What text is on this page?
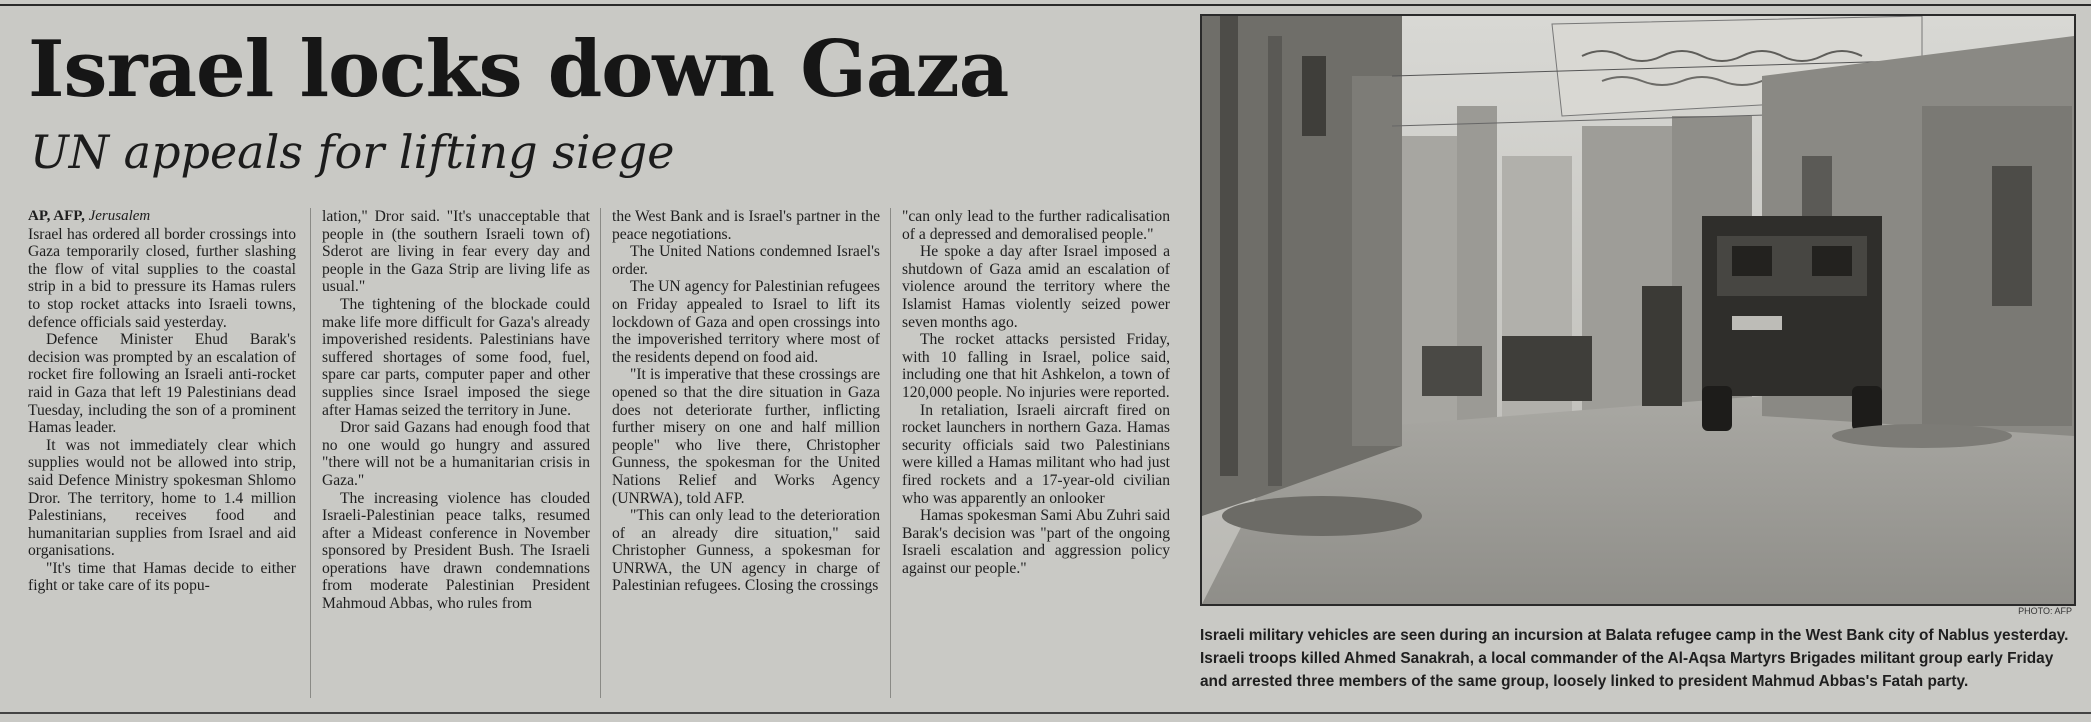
Israel locks down Gaza
UN appeals for lifting siege

AP, AFP, Jerusalem

Israel has ordered all border crossings into Gaza temporarily closed, further slashing the flow of vital supplies to the coastal strip in a bid to pressure its Hamas rulers to stop rocket attacks into Israeli towns, defence officials said yesterday.

Defence Minister Ehud Barak's decision was prompted by an escalation of rocket fire following an Israeli anti-rocket raid in Gaza that left 19 Palestinians dead Tuesday, including the son of a prominent Hamas leader.

It was not immediately clear which supplies would not be allowed into strip, said Defence Ministry spokesman Shlomo Dror. The territory, home to 1.4 million Palestinians, receives food and humanitarian supplies from Israel and aid organisations.

"It's time that Hamas decide to either fight or take care of its popu-

lation," Dror said. "It's unacceptable that people in (the southern Israeli town of) Sderot are living in fear every day and people in the Gaza Strip are living life as usual."

The tightening of the blockade could make life more difficult for Gaza's already impoverished residents. Palestinians have suffered shortages of some food, fuel, spare car parts, computer paper and other supplies since Israel imposed the siege after Hamas seized the territory in June.

Dror said Gazans had enough food that no one would go hungry and assured "there will not be a humanitarian crisis in Gaza."

The increasing violence has clouded Israeli-Palestinian peace talks, resumed after a Mideast conference in November sponsored by President Bush. The Israeli operations have drawn condemnations from moderate Palestinian President Mahmoud Abbas, who rules from

the West Bank and is Israel's partner in the peace negotiations.

The United Nations condemned Israel's order.

The UN agency for Palestinian refugees on Friday appealed to Israel to lift its lockdown of Gaza and open crossings into the impoverished territory where most of the residents depend on food aid.

"It is imperative that these crossings are opened so that the dire situation in Gaza does not deteriorate further, inflicting further misery on one and half million people" who live there, Christopher Gunness, the spokesman for the United Nations Relief and Works Agency (UNRWA), told AFP.

"This can only lead to the deterioration of an already dire situation," said Christopher Gunness, a spokesman for UNRWA, the UN agency in charge of Palestinian refugees. Closing the crossings

"can only lead to the further radicalisation of a depressed and demoralised people."

He spoke a day after Israel imposed a shutdown of Gaza amid an escalation of violence around the territory where the Islamist Hamas violently seized power seven months ago.

The rocket attacks persisted Friday, with 10 falling in Israel, police said, including one that hit Ashkelon, a town of 120,000 people. No injuries were reported.

In retaliation, Israeli aircraft fired on rocket launchers in northern Gaza. Hamas security officials said two Palestinians were killed a Hamas militant who had just fired rockets and a 17-year-old civilian who was apparently an onlooker

Hamas spokesman Sami Abu Zuhri said Barak's decision was "part of the ongoing Israeli escalation and aggression policy against our people."

PHOTO: AFP
Israeli military vehicles are seen during an incursion at Balata refugee camp in the West Bank city of Nablus yesterday. Israeli troops killed Ahmed Sanakrah, a local commander of the Al-Aqsa Martyrs Brigades militant group early Friday and arrested three members of the same group, loosely linked to president Mahmud Abbas's Fatah party.
